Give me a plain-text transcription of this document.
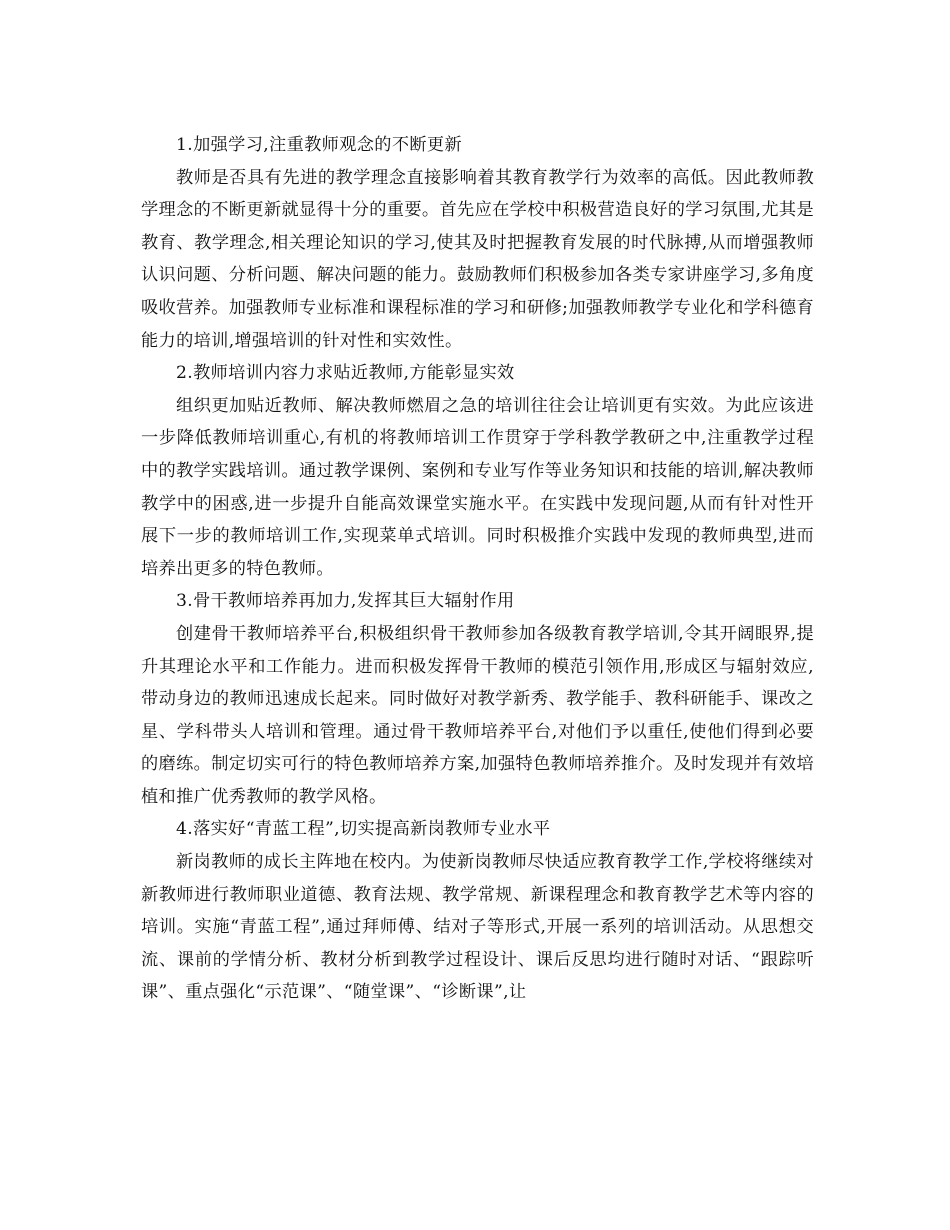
1.加强学习,注重教师观念的不断更新

教师是否具有先进的教学理念直接影响着其教育教学行为效率的高低。因此教师教学理念的不断更新就显得十分的重要。首先应在学校中积极营造良好的学习氛围,尤其是教育、教学理念,相关理论知识的学习,使其及时把握教育发展的时代脉搏,从而增强教师认识问题、分析问题、解决问题的能力。鼓励教师们积极参加各类专家讲座学习,多角度吸收营养。加强教师专业标准和课程标准的学习和研修;加强教师教学专业化和学科德育能力的培训,增强培训的针对性和实效性。

2.教师培训内容力求贴近教师,方能彰显实效

组织更加贴近教师、解决教师燃眉之急的培训往往会让培训更有实效。为此应该进一步降低教师培训重心,有机的将教师培训工作贯穿于学科教学教研之中,注重教学过程中的教学实践培训。通过教学课例、案例和专业写作等业务知识和技能的培训,解决教师教学中的困惑,进一步提升自能高效课堂实施水平。在实践中发现问题,从而有针对性开展下一步的教师培训工作,实现菜单式培训。同时积极推介实践中发现的教师典型,进而培养出更多的特色教师。

3.骨干教师培养再加力,发挥其巨大辐射作用

创建骨干教师培养平台,积极组织骨干教师参加各级教育教学培训,令其开阔眼界,提升其理论水平和工作能力。进而积极发挥骨干教师的模范引领作用,形成区与辐射效应,带动身边的教师迅速成长起来。同时做好对教学新秀、教学能手、教科研能手、课改之星、学科带头人培训和管理。通过骨干教师培养平台,对他们予以重任,使他们得到必要的磨练。制定切实可行的特色教师培养方案,加强特色教师培养推介。及时发现并有效培植和推广优秀教师的教学风格。

4.落实好“青蓝工程”,切实提高新岗教师专业水平

新岗教师的成长主阵地在校内。为使新岗教师尽快适应教育教学工作,学校将继续对新教师进行教师职业道德、教育法规、教学常规、新课程理念和教育教学艺术等内容的培训。实施“青蓝工程”,通过拜师傅、结对子等形式,开展一系列的培训活动。从思想交流、课前的学情分析、教材分析到教学过程设计、课后反思均进行随时对话、“跟踪听课”、重点强化“示范课”、“随堂课”、“诊断课”,让
